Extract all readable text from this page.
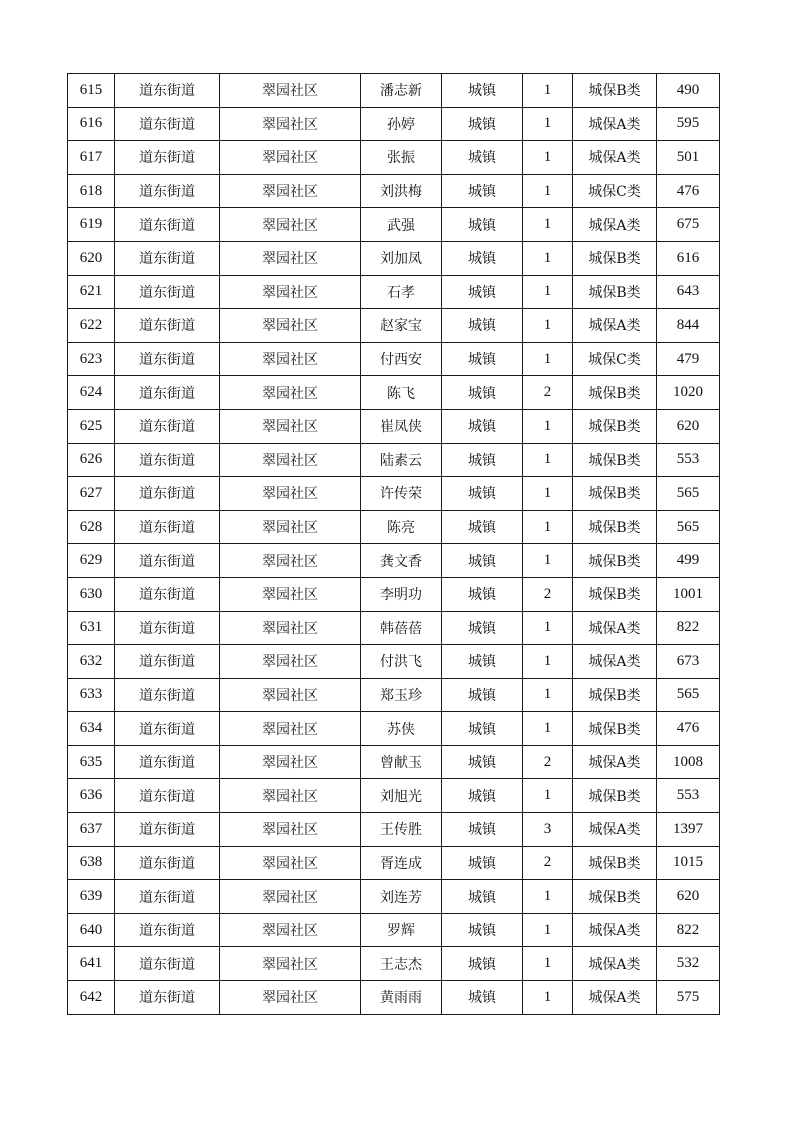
615	道东街道	翠园社区	潘志新	城镇	1	城保B类	490
616	道东街道	翠园社区	孙婷	城镇	1	城保A类	595
617	道东街道	翠园社区	张振	城镇	1	城保A类	501
618	道东街道	翠园社区	刘洪梅	城镇	1	城保C类	476
619	道东街道	翠园社区	武强	城镇	1	城保A类	675
620	道东街道	翠园社区	刘加凤	城镇	1	城保B类	616
621	道东街道	翠园社区	石孝	城镇	1	城保B类	643
622	道东街道	翠园社区	赵家宝	城镇	1	城保A类	844
623	道东街道	翠园社区	付西安	城镇	1	城保C类	479
624	道东街道	翠园社区	陈飞	城镇	2	城保B类	1020
625	道东街道	翠园社区	崔凤侠	城镇	1	城保B类	620
626	道东街道	翠园社区	陆素云	城镇	1	城保B类	553
627	道东街道	翠园社区	许传荣	城镇	1	城保B类	565
628	道东街道	翠园社区	陈亮	城镇	1	城保B类	565
629	道东街道	翠园社区	龚文香	城镇	1	城保B类	499
630	道东街道	翠园社区	李明功	城镇	2	城保B类	1001
631	道东街道	翠园社区	韩蓓蓓	城镇	1	城保A类	822
632	道东街道	翠园社区	付洪飞	城镇	1	城保A类	673
633	道东街道	翠园社区	郑玉珍	城镇	1	城保B类	565
634	道东街道	翠园社区	苏侠	城镇	1	城保B类	476
635	道东街道	翠园社区	曾献玉	城镇	2	城保A类	1008
636	道东街道	翠园社区	刘旭光	城镇	1	城保B类	553
637	道东街道	翠园社区	王传胜	城镇	3	城保A类	1397
638	道东街道	翠园社区	胥连成	城镇	2	城保B类	1015
639	道东街道	翠园社区	刘连芳	城镇	1	城保B类	620
640	道东街道	翠园社区	罗辉	城镇	1	城保A类	822
641	道东街道	翠园社区	王志杰	城镇	1	城保A类	532
642	道东街道	翠园社区	黄雨雨	城镇	1	城保A类	575
